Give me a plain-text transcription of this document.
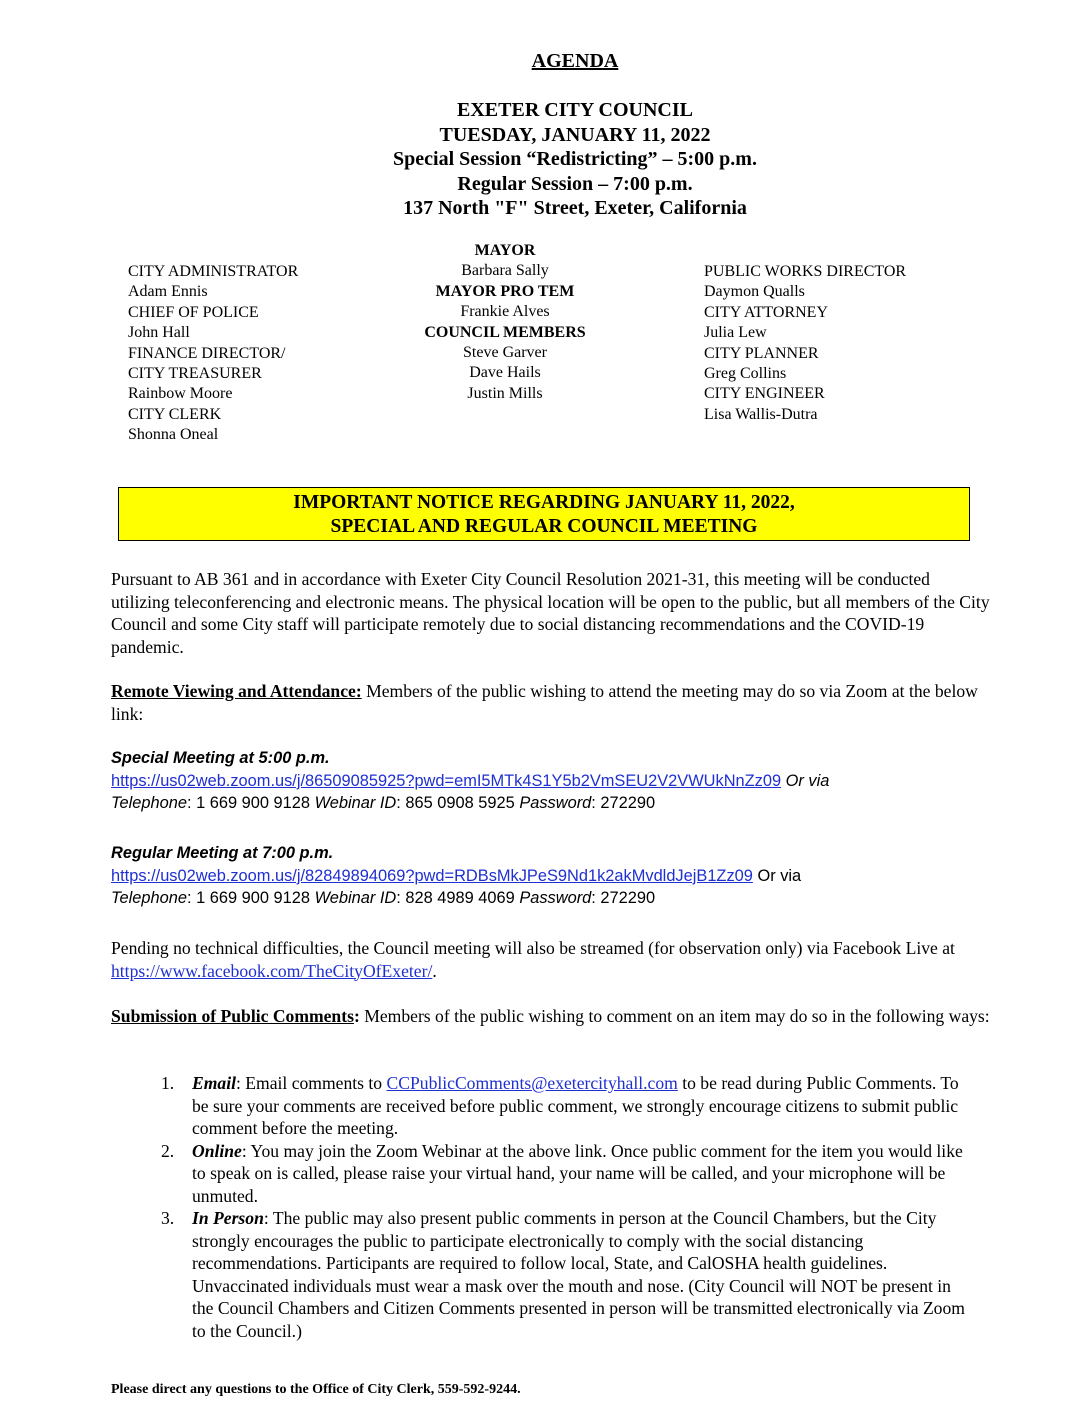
AGENDA
EXETER CITY COUNCIL
TUESDAY, JANUARY 11, 2022
Special Session “Redistricting” – 5:00 p.m.
Regular Session – 7:00 p.m.
137 North "F" Street, Exeter, California
CITY ADMINISTRATOR
Adam Ennis
CHIEF OF POLICE
John Hall
FINANCE DIRECTOR/
CITY TREASURER
Rainbow Moore
CITY CLERK
Shonna Oneal
MAYOR
Barbara Sally
MAYOR PRO TEM
Frankie Alves
COUNCIL MEMBERS
Steve Garver
Dave Hails
Justin Mills
PUBLIC WORKS DIRECTOR
Daymon Qualls
CITY ATTORNEY
Julia Lew
CITY PLANNER
Greg Collins
CITY ENGINEER
Lisa Wallis-Dutra
IMPORTANT NOTICE REGARDING JANUARY 11, 2022,
SPECIAL AND REGULAR COUNCIL MEETING
Pursuant to AB 361 and in accordance with Exeter City Council Resolution 2021-31, this meeting will be conducted utilizing teleconferencing and electronic means. The physical location will be open to the public, but all members of the City Council and some City staff will participate remotely due to social distancing recommendations and the COVID-19 pandemic.
Remote Viewing and Attendance: Members of the public wishing to attend the meeting may do so via Zoom at the below link:
Special Meeting at 5:00 p.m.
https://us02web.zoom.us/j/86509085925?pwd=emI5MTk4S1Y5b2VmSEU2V2VWUkNnZz09 Or via
Telephone: 1 669 900 9128 Webinar ID: 865 0908 5925 Password: 272290
Regular Meeting at 7:00 p.m.
https://us02web.zoom.us/j/82849894069?pwd=RDBsMkJPeS9Nd1k2akMvdldJejB1Zz09 Or via
Telephone: 1 669 900 9128 Webinar ID: 828 4989 4069 Password: 272290
Pending no technical difficulties, the Council meeting will also be streamed (for observation only) via Facebook Live at https://www.facebook.com/TheCityOfExeter/.
Submission of Public Comments: Members of the public wishing to comment on an item may do so in the following ways:
1. Email: Email comments to CCPublicComments@exetercityhall.com to be read during Public Comments. To be sure your comments are received before public comment, we strongly encourage citizens to submit public comment before the meeting.
2. Online: You may join the Zoom Webinar at the above link. Once public comment for the item you would like to speak on is called, please raise your virtual hand, your name will be called, and your microphone will be unmuted.
3. In Person: The public may also present public comments in person at the Council Chambers, but the City strongly encourages the public to participate electronically to comply with the social distancing recommendations. Participants are required to follow local, State, and CalOSHA health guidelines. Unvaccinated individuals must wear a mask over the mouth and nose. (City Council will NOT be present in the Council Chambers and Citizen Comments presented in person will be transmitted electronically via Zoom to the Council.)
Please direct any questions to the Office of City Clerk, 559-592-9244.
